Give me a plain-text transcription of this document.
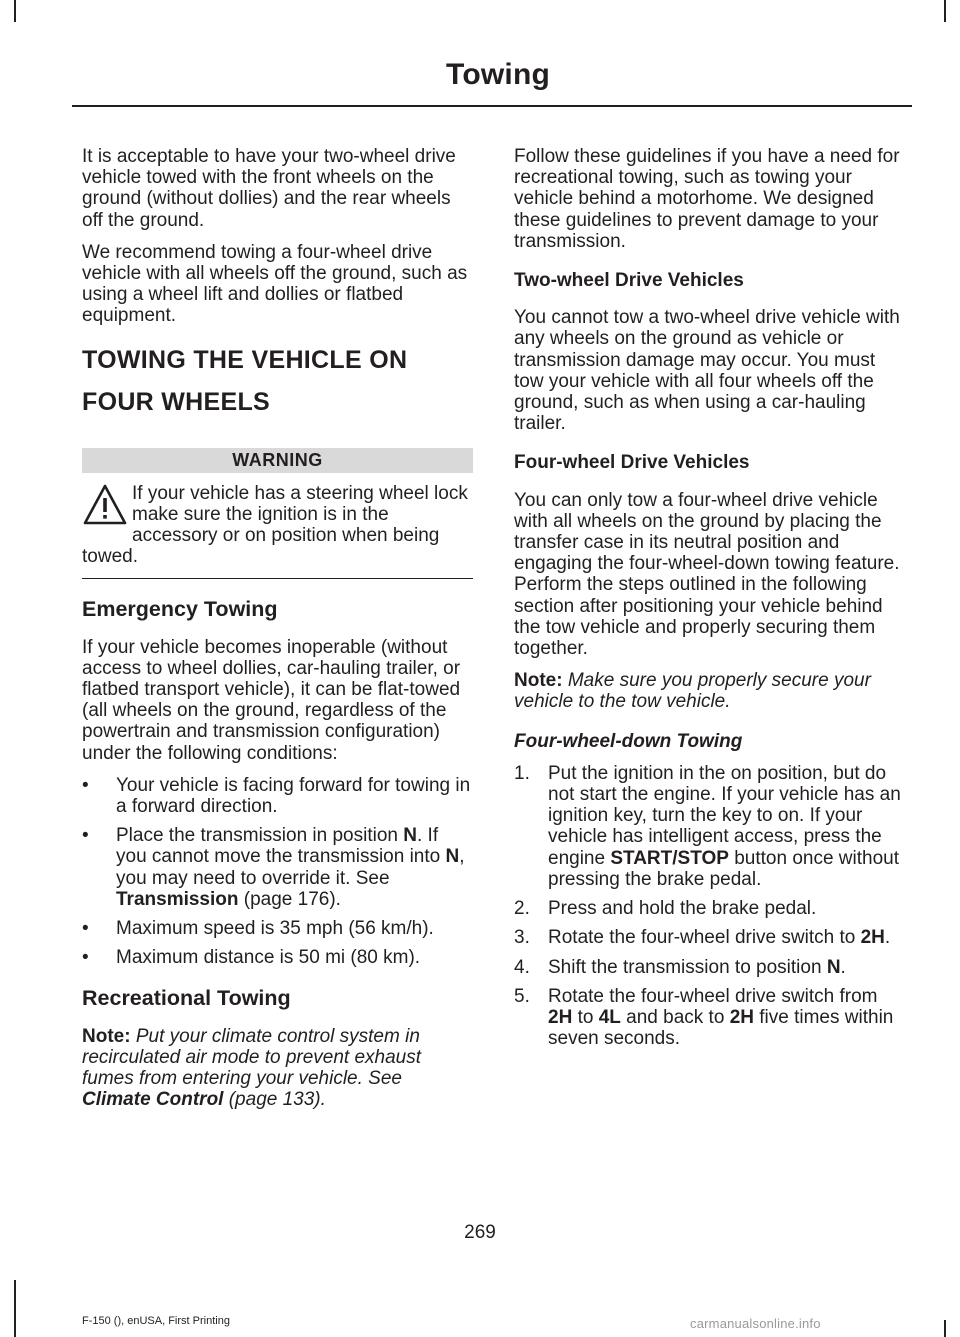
Towing

It is acceptable to have your two-wheel drive vehicle towed with the front wheels on the ground (without dollies) and the rear wheels off the ground.

We recommend towing a four-wheel drive vehicle with all wheels off the ground, such as using a wheel lift and dollies or flatbed equipment.

TOWING THE VEHICLE ON
FOUR WHEELS
WARNING
If your vehicle has a steering wheel lock make sure the ignition is in the accessory or on position when being towed.
Emergency Towing

If your vehicle becomes inoperable (without access to wheel dollies, car-hauling trailer, or flatbed transport vehicle), it can be flat-towed (all wheels on the ground, regardless of the powertrain and transmission configuration) under the following conditions:

• Your vehicle is facing forward for towing in a forward direction.
• Place the transmission in position N. If you cannot move the transmission into N, you may need to override it. See Transmission (page 176).
• Maximum speed is 35 mph (56 km/h).
• Maximum distance is 50 mi (80 km).
Recreational Towing

Note: Put your climate control system in recirculated air mode to prevent exhaust fumes from entering your vehicle. See Climate Control (page 133).

Follow these guidelines if you have a need for recreational towing, such as towing your vehicle behind a motorhome. We designed these guidelines to prevent damage to your transmission.

Two-wheel Drive Vehicles

You cannot tow a two-wheel drive vehicle with any wheels on the ground as vehicle or transmission damage may occur. You must tow your vehicle with all four wheels off the ground, such as when using a car-hauling trailer.

Four-wheel Drive Vehicles

You can only tow a four-wheel drive vehicle with all wheels on the ground by placing the transfer case in its neutral position and engaging the four-wheel-down towing feature. Perform the steps outlined in the following section after positioning your vehicle behind the tow vehicle and properly securing them together.

Note: Make sure you properly secure your vehicle to the tow vehicle.

Four-wheel-down Towing
1. Put the ignition in the on position, but do not start the engine. If your vehicle has an ignition key, turn the key to on. If your vehicle has intelligent access, press the engine START/STOP button once without pressing the brake pedal.
2. Press and hold the brake pedal.
3. Rotate the four-wheel drive switch to 2H.
4. Shift the transmission to position N.
5. Rotate the four-wheel drive switch from 2H to 4L and back to 2H five times within seven seconds.
269
F-150 (), enUSA, First Printing	carmanualsonline.info
